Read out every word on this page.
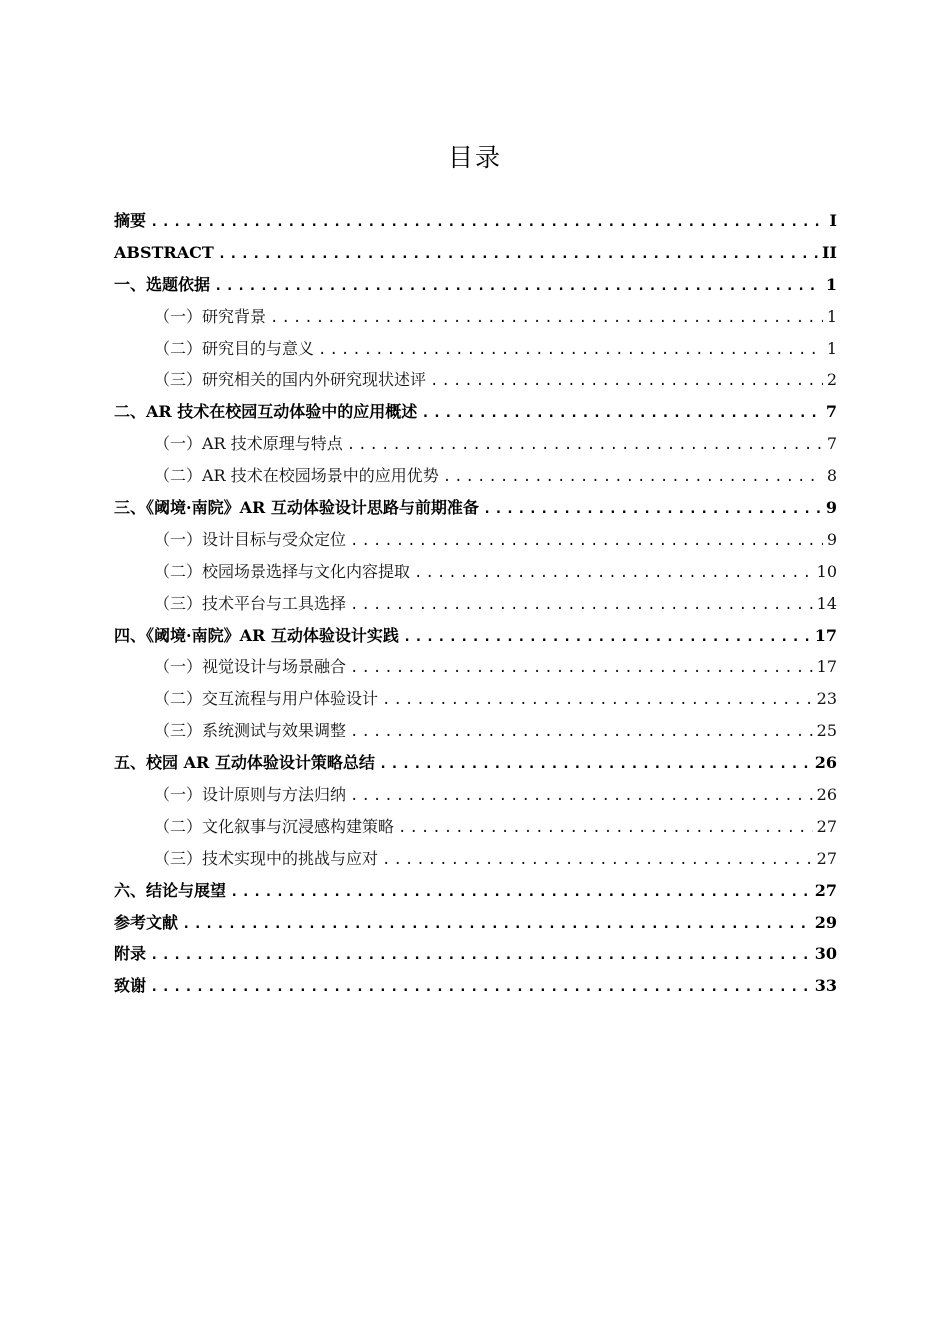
目录
摘要 .....	I
ABSTRACT .....	II
一、选题依据 .....	1
（一）研究背景 .....	1
（二）研究目的与意义 .....	1
（三）研究相关的国内外研究现状述评 .....	2
二、AR 技术在校园互动体验中的应用概述 .....	7
（一）AR 技术原理与特点 .....	7
（二）AR 技术在校园场景中的应用优势 .....	8
三、《阈境·南院》AR 互动体验设计思路与前期准备 .....	9
（一）设计目标与受众定位 .....	9
（二）校园场景选择与文化内容提取 .....	10
（三）技术平台与工具选择 .....	14
四、《阈境·南院》AR 互动体验设计实践 .....	17
（一）视觉设计与场景融合 .....	17
（二）交互流程与用户体验设计 .....	23
（三）系统测试与效果调整 .....	25
五、校园 AR 互动体验设计策略总结 .....	26
（一）设计原则与方法归纳 .....	26
（二）文化叙事与沉浸感构建策略 .....	27
（三）技术实现中的挑战与应对 .....	27
六、结论与展望 .....	27
参考文献 .....	29
附录 .....	30
致谢 .....	33
